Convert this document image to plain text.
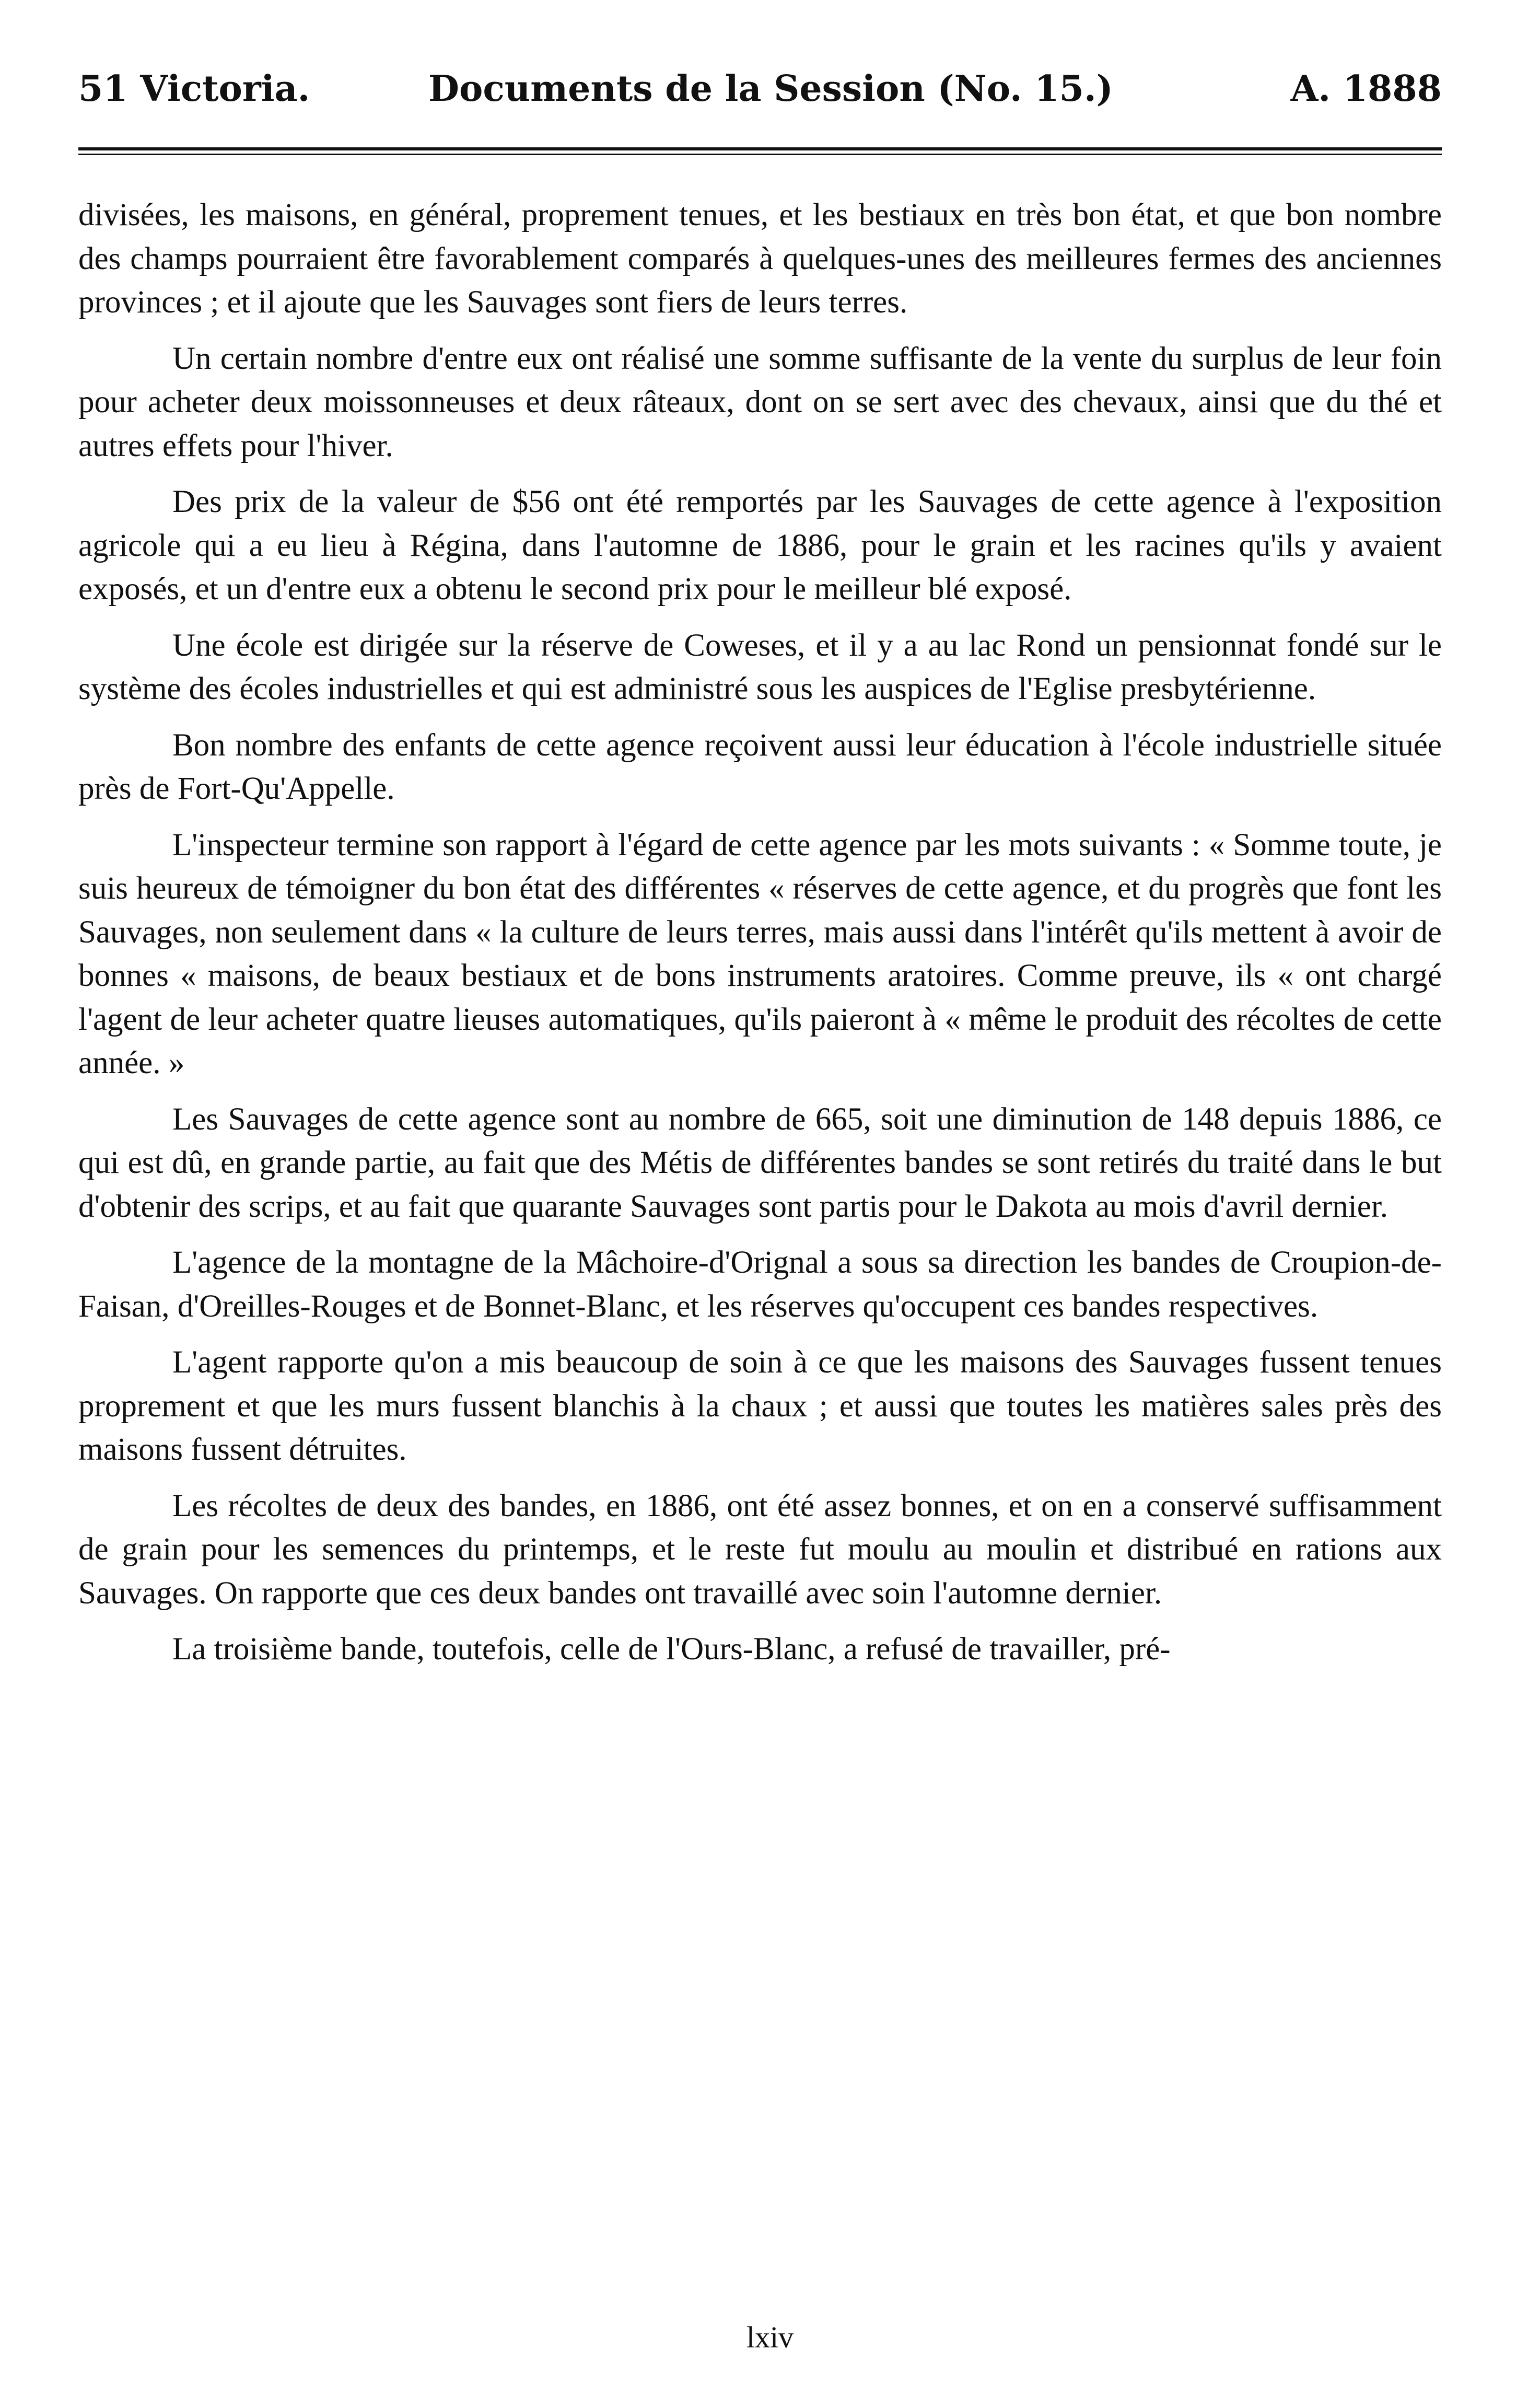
51 Victoria.	Documents de la Session (No. 15.)	A. 1888

divisées, les maisons, en général, proprement tenues, et les bestiaux en très bon état, et que bon nombre des champs pourraient être favorablement comparés à quelques-unes des meilleures fermes des anciennes provinces ; et il ajoute que les Sauvages sont fiers de leurs terres.

Un certain nombre d'entre eux ont réalisé une somme suffisante de la vente du surplus de leur foin pour acheter deux moissonneuses et deux râteaux, dont on se sert avec des chevaux, ainsi que du thé et autres effets pour l'hiver.

Des prix de la valeur de $56 ont été remportés par les Sauvages de cette agence à l'exposition agricole qui a eu lieu à Régina, dans l'automne de 1886, pour le grain et les racines qu'ils y avaient exposés, et un d'entre eux a obtenu le second prix pour le meilleur blé exposé.

Une école est dirigée sur la réserve de Coweses, et il y a au lac Rond un pensionnat fondé sur le système des écoles industrielles et qui est administré sous les auspices de l'Eglise presbytérienne.

Bon nombre des enfants de cette agence reçoivent aussi leur éducation à l'école industrielle située près de Fort-Qu'Appelle.

L'inspecteur termine son rapport à l'égard de cette agence par les mots suivants : « Somme toute, je suis heureux de témoigner du bon état des différentes « réserves de cette agence, et du progrès que font les Sauvages, non seulement dans « la culture de leurs terres, mais aussi dans l'intérêt qu'ils mettent à avoir de bonnes « maisons, de beaux bestiaux et de bons instruments aratoires. Comme preuve, ils « ont chargé l'agent de leur acheter quatre lieuses automatiques, qu'ils paieront à « même le produit des récoltes de cette année. »

Les Sauvages de cette agence sont au nombre de 665, soit une diminution de 148 depuis 1886, ce qui est dû, en grande partie, au fait que des Métis de différentes bandes se sont retirés du traité dans le but d'obtenir des scrips, et au fait que quarante Sauvages sont partis pour le Dakota au mois d'avril dernier.

L'agence de la montagne de la Mâchoire-d'Orignal a sous sa direction les bandes de Croupion-de-Faisan, d'Oreilles-Rouges et de Bonnet-Blanc, et les réserves qu'occupent ces bandes respectives.

L'agent rapporte qu'on a mis beaucoup de soin à ce que les maisons des Sauvages fussent tenues proprement et que les murs fussent blanchis à la chaux ; et aussi que toutes les matières sales près des maisons fussent détruites.

Les récoltes de deux des bandes, en 1886, ont été assez bonnes, et on en a conservé suffisamment de grain pour les semences du printemps, et le reste fut moulu au moulin et distribué en rations aux Sauvages. On rapporte que ces deux bandes ont travaillé avec soin l'automne dernier.

La troisième bande, toutefois, celle de l'Ours-Blanc, a refusé de travailler, pré-

lxiv
